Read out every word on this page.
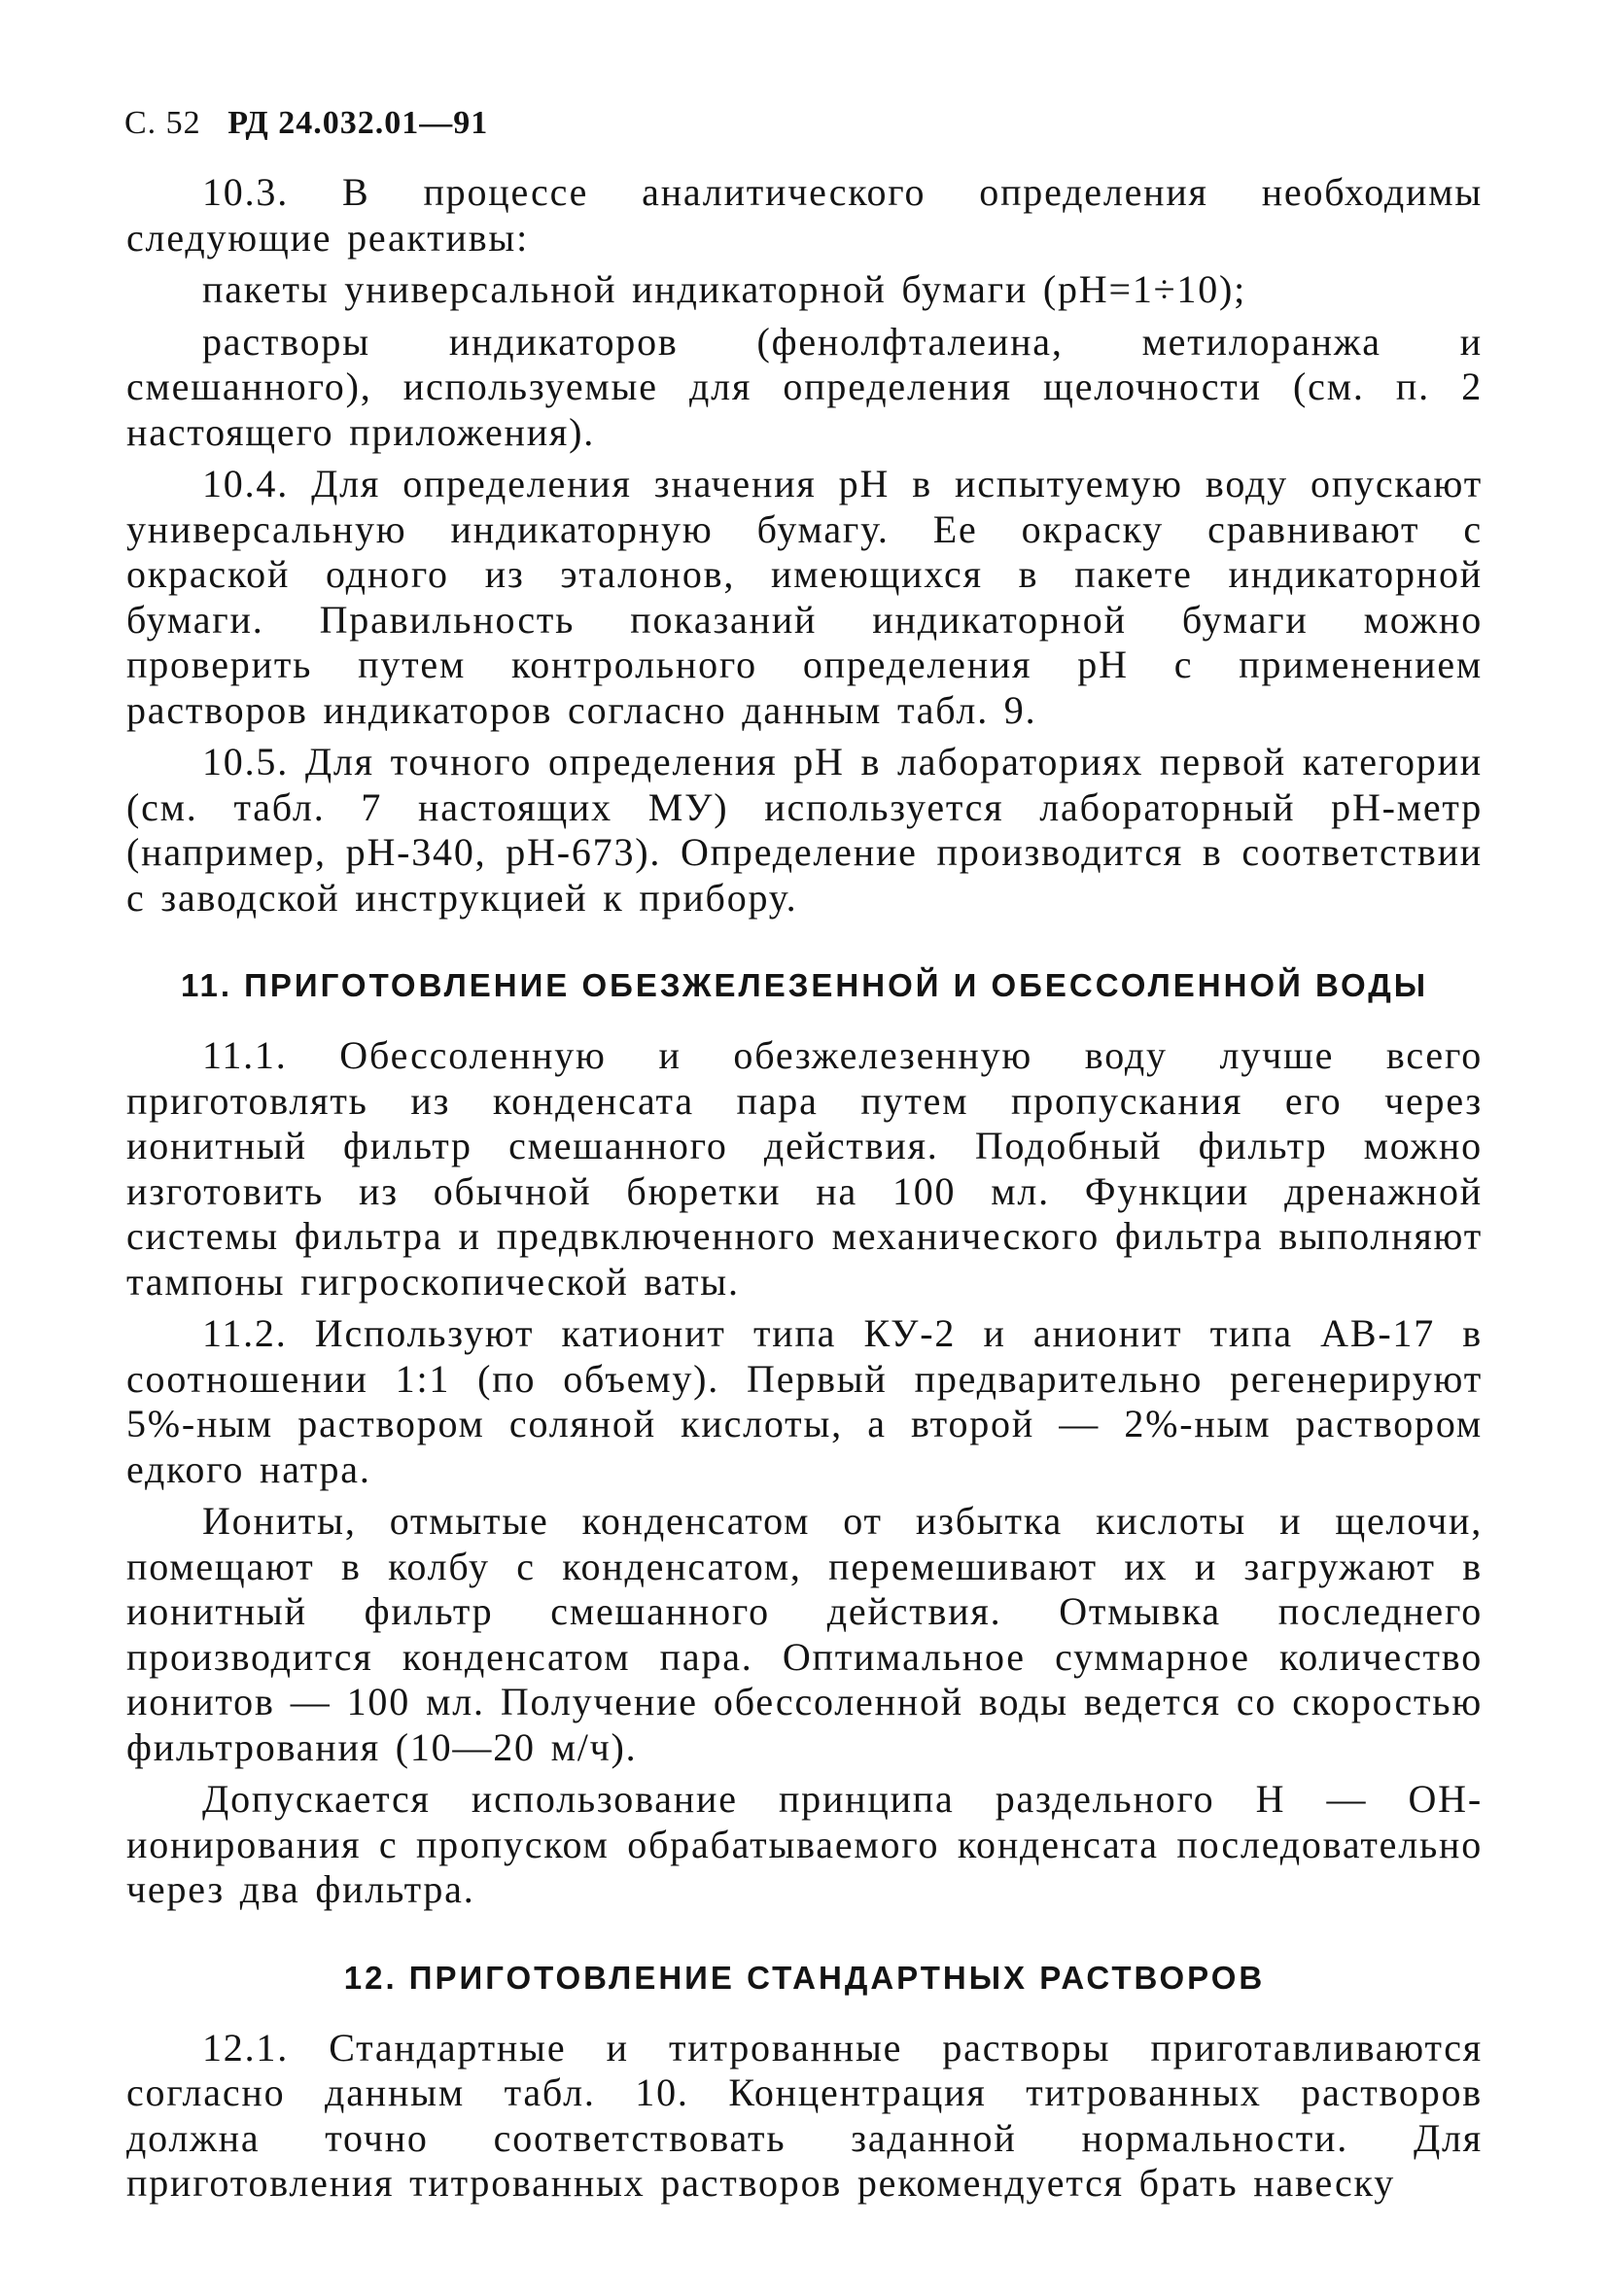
С. 52 РД 24.032.01—91

10.3. В процессе аналитического определения необходимы следующие реактивы:

пакеты универсальной индикаторной бумаги (pH=1÷10);

растворы индикаторов (фенолфталеина, метилоранжа и смешанного), используемые для определения щелочности (см. п. 2 настоящего приложения).

10.4. Для определения значения pH в испытуемую воду опускают универсальную индикаторную бумагу. Ее окраску сравнивают с окраской одного из эталонов, имеющихся в пакете индикаторной бумаги. Правильность показаний индикаторной бумаги можно проверить путем контрольного определения pH с применением растворов индикаторов согласно данным табл. 9.

10.5. Для точного определения pH в лабораториях первой категории (см. табл. 7 настоящих МУ) используется лабораторный pH-метр (например, pH-340, pH-673). Определение производится в соответствии с заводской инструкцией к прибору.

11. ПРИГОТОВЛЕНИЕ ОБЕЗЖЕЛЕЗЕННОЙ И ОБЕССОЛЕННОЙ ВОДЫ

11.1. Обессоленную и обезжелезенную воду лучше всего приготовлять из конденсата пара путем пропускания его через ионитный фильтр смешанного действия. Подобный фильтр можно изготовить из обычной бюретки на 100 мл. Функции дренажной системы фильтра и предвключенного механического фильтра выполняют тампоны гигроскопической ваты.

11.2. Используют катионит типа КУ-2 и анионит типа АВ-17 в соотношении 1:1 (по объему). Первый предварительно регенерируют 5%-ным раствором соляной кислоты, а второй — 2%-ным раствором едкого натра.

Иониты, отмытые конденсатом от избытка кислоты и щелочи, помещают в колбу с конденсатом, перемешивают их и загружают в ионитный фильтр смешанного действия. Отмывка последнего производится конденсатом пара. Оптимальное суммарное количество ионитов — 100 мл. Получение обессоленной воды ведется со скоростью фильтрования (10—20 м/ч).

Допускается использование принципа раздельного H — OH-ионирования с пропуском обрабатываемого конденсата последовательно через два фильтра.

12. ПРИГОТОВЛЕНИЕ СТАНДАРТНЫХ РАСТВОРОВ

12.1. Стандартные и титрованные растворы приготавливаются согласно данным табл. 10. Концентрация титрованных растворов должна точно соответствовать заданной нормальности. Для приготовления титрованных растворов рекомендуется брать навеску
